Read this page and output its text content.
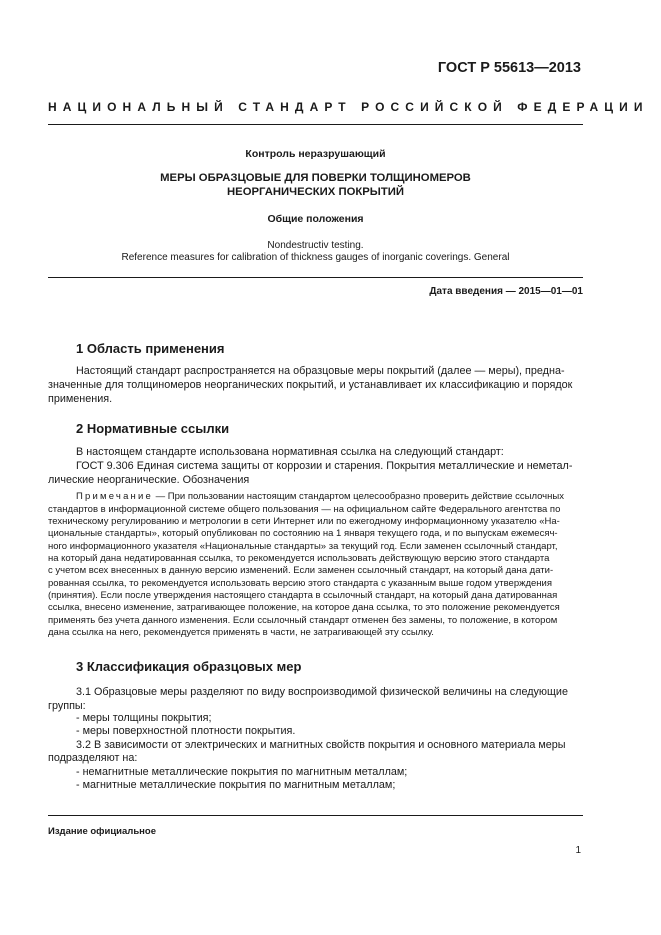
ГОСТ Р 55613—2013
НАЦИОНАЛЬНЫЙ СТАНДАРТ РОССИЙСКОЙ ФЕДЕРАЦИИ
Контроль неразрушающий
МЕРЫ ОБРАЗЦОВЫЕ ДЛЯ ПОВЕРКИ ТОЛЩИНОМЕРОВ
НЕОРГАНИЧЕСКИХ ПОКРЫТИЙ
Общие положения
Nondestructiv testing.
Reference measures for calibration of thickness gauges of inorganic coverings. General
Дата введения — 2015—01—01
1 Область применения
Настоящий стандарт распространяется на образцовые меры покрытий (далее — меры), предна-
значенные для толщиномеров неорганических покрытий, и устанавливает их классификацию и порядок
применения.
2 Нормативные ссылки
В настоящем стандарте использована нормативная ссылка на следующий стандарт:
ГОСТ 9.306 Единая система защиты от коррозии и старения. Покрытия металлические и неметал-
лические неорганические. Обозначения
Примечание — При пользовании настоящим стандартом целесообразно проверить действие ссылочных
стандартов в информационной системе общего пользования — на официальном сайте Федерального агентства по
техническому регулированию и метрологии в сети Интернет или по ежегодному информационному указателю «На-
циональные стандарты», который опубликован по состоянию на 1 января текущего года, и по выпускам ежемесяч-
ного информационного указателя «Национальные стандарты» за текущий год. Если заменен ссылочный стандарт,
на который дана недатированная ссылка, то рекомендуется использовать действующую версию этого стандарта
с учетом всех внесенных в данную версию изменений. Если заменен ссылочный стандарт, на который дана дати-
рованная ссылка, то рекомендуется использовать версию этого стандарта с указанным выше годом утверждения
(принятия). Если после утверждения настоящего стандарта в ссылочный стандарт, на который дана датированная
ссылка, внесено изменение, затрагивающее положение, на которое дана ссылка, то это положение рекомендуется
применять без учета данного изменения. Если ссылочный стандарт отменен без замены, то положение, в котором
дана ссылка на него, рекомендуется применять в части, не затрагивающей эту ссылку.
3 Классификация образцовых мер
3.1 Образцовые меры разделяют по виду воспроизводимой физической величины на следующие
группы:
- меры толщины покрытия;
- меры поверхностной плотности покрытия.
3.2 В зависимости от электрических и магнитных свойств покрытия и основного материала меры
подразделяют на:
- немагнитные металлические покрытия по магнитным металлам;
- магнитные металлические покрытия по магнитным металлам;
Издание официальное
1
